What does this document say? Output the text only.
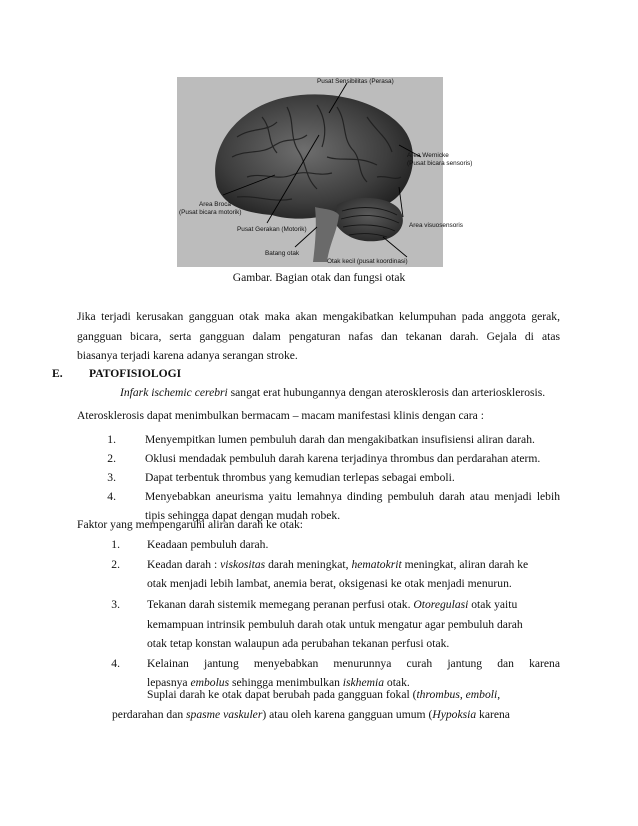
Pusat Sensibilitas (Perasa)
Area Wernicke
(Pusat bicara sensoris)
Area Broca
(Pusat bicara motorik)
Area visuosensoris
Pusat Gerakan (Motorik)
Batang otak
Otak kecil (pusat koordinasi)
Gambar. Bagian otak dan fungsi otak
Jika terjadi kerusakan gangguan otak maka akan mengakibatkan kelumpuhan pada anggota gerak,
gangguan bicara, serta gangguan dalam pengaturan nafas dan tekanan darah. Gejala di atas
biasanya terjadi karena adanya serangan stroke.
E. PATOFISIOLOGI
Infark ischemic cerebri sangat erat hubungannya dengan aterosklerosis dan arteriosklerosis.
Aterosklerosis dapat menimbulkan bermacam – macam manifestasi klinis dengan cara :
1.	Menyempitkan lumen pembuluh darah dan mengakibatkan insufisiensi aliran darah.
2.	Oklusi mendadak pembuluh darah karena terjadinya thrombus dan perdarahan aterm.
3.	Dapat terbentuk thrombus yang kemudian terlepas sebagai emboli.
4.	Menyebabkan aneurisma yaitu lemahnya dinding pembuluh darah atau menjadi lebih
tipis sehingga dapat dengan mudah robek.
Faktor yang mempengaruhi aliran darah ke otak:
1. Keadaan pembuluh darah.
2. Keadan darah : viskositas darah meningkat, hematokrit meningkat, aliran darah ke
otak menjadi lebih lambat, anemia berat, oksigenasi ke otak menjadi menurun.
3. Tekanan darah sistemik memegang peranan perfusi otak. Otoregulasi otak yaitu
kemampuan intrinsik pembuluh darah otak untuk mengatur agar pembuluh darah
otak tetap konstan walaupun ada perubahan tekanan perfusi otak.
4. Kelainan jantung menyebabkan menurunnya curah jantung dan karena
lepasnya embolus sehingga menimbulkan iskhemia otak.
Suplai darah ke otak dapat berubah pada gangguan fokal (thrombus, emboli,
perdarahan dan spasme vaskuler) atau oleh karena gangguan umum (Hypoksia karena
